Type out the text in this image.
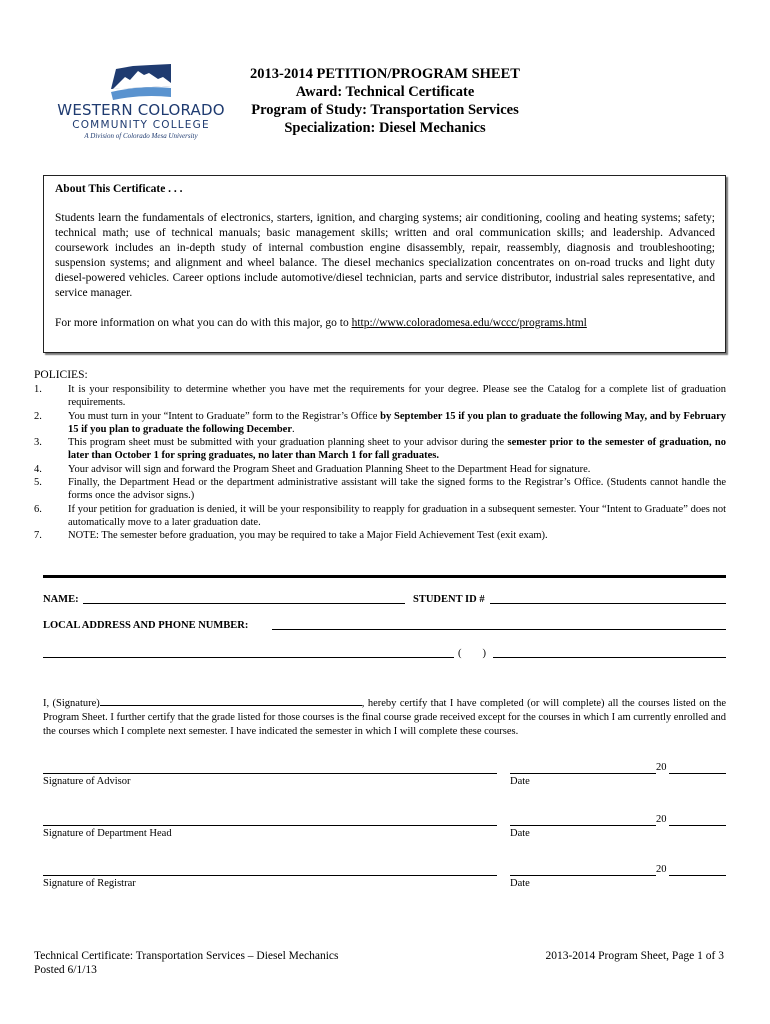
WESTERN COLORADO
COMMUNITY COLLEGE
A Division of Colorado Mesa University
2013-2014 PETITION/PROGRAM SHEET
Award: Technical Certificate
Program of Study: Transportation Services
Specialization: Diesel Mechanics
About This Certificate . . .
Students learn the fundamentals of electronics, starters, ignition, and charging systems; air conditioning, cooling and heating systems; safety; technical math; use of technical manuals; basic management skills; written and oral communication skills; and leadership. Advanced coursework includes an in-depth study of internal combustion engine disassembly, repair, reassembly, diagnosis and troubleshooting; suspension systems; and alignment and wheel balance. The diesel mechanics specialization concentrates on on-road trucks and light duty diesel-powered vehicles. Career options include automotive/diesel technician, parts and service distributor, industrial sales representative, and service manager.
For more information on what you can do with this major, go to http://www.coloradomesa.edu/wccc/programs.html
POLICIES:
1.	It is your responsibility to determine whether you have met the requirements for your degree. Please see the Catalog for a complete list of graduation requirements.
2.	You must turn in your “Intent to Graduate” form to the Registrar’s Office by September 15 if you plan to graduate the following May, and by February 15 if you plan to graduate the following December.
3.	This program sheet must be submitted with your graduation planning sheet to your advisor during the semester prior to the semester of graduation, no later than October 1 for spring graduates, no later than March 1 for fall graduates.
4.	Your advisor will sign and forward the Program Sheet and Graduation Planning Sheet to the Department Head for signature.
5.	Finally, the Department Head or the department administrative assistant will take the signed forms to the Registrar’s Office. (Students cannot handle the forms once the advisor signs.)
6.	If your petition for graduation is denied, it will be your responsibility to reapply for graduation in a subsequent semester. Your “Intent to Graduate” does not automatically move to a later graduation date.
7.	NOTE: The semester before graduation, you may be required to take a Major Field Achievement Test (exit exam).
NAME:	STUDENT ID #
LOCAL ADDRESS AND PHONE NUMBER:
(        )
I, (Signature)	, hereby certify that I have completed (or will complete) all the courses listed on the Program Sheet. I further certify that the grade listed for those courses is the final course grade received except for the courses in which I am currently enrolled and the courses which I complete next semester. I have indicated the semester in which I will complete these courses.
20
Signature of Advisor	Date
20
Signature of Department Head	Date
20
Signature of Registrar	Date
Technical Certificate: Transportation Services – Diesel Mechanics
Posted 6/1/13
2013-2014 Program Sheet, Page 1 of 3
